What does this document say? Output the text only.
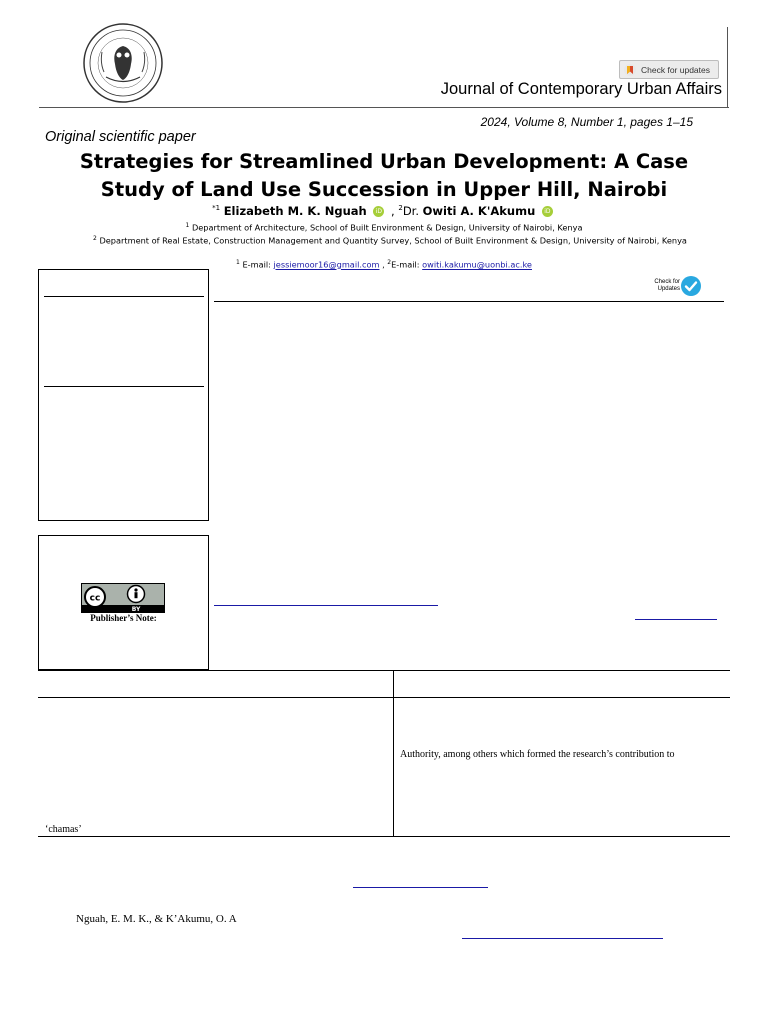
Check for updates
Journal of Contemporary Urban Affairs
2024, Volume 8, Number 1, pages 1–15
Original scientific paper
Strategies for Streamlined Urban Development: A Case
Study of Land Use Succession in Upper Hill, Nairobi
$^{*1}$ Elizabeth M. K. Nguah iD , $^2$Dr. Owiti A. K'Akumu iD
$^1$ Department of Architecture, School of Built Environment & Design, University of Nairobi, Kenya
$^2$ Department of Real Estate, Construction Management and Quantity Survey, School of Built Environment & Design, University of Nairobi, Kenya
$^1$ E-mail: jessiemoor16@gmail.com , $^2$E-mail: owiti.kakumu@uonbi.ac.ke
Check for Updates
cc
BY
Publisher’s Note:
Authority, among others which formed the research’s contribution to
‘chamas’
Nguah, E. M. K., & K’Akumu, O. A
